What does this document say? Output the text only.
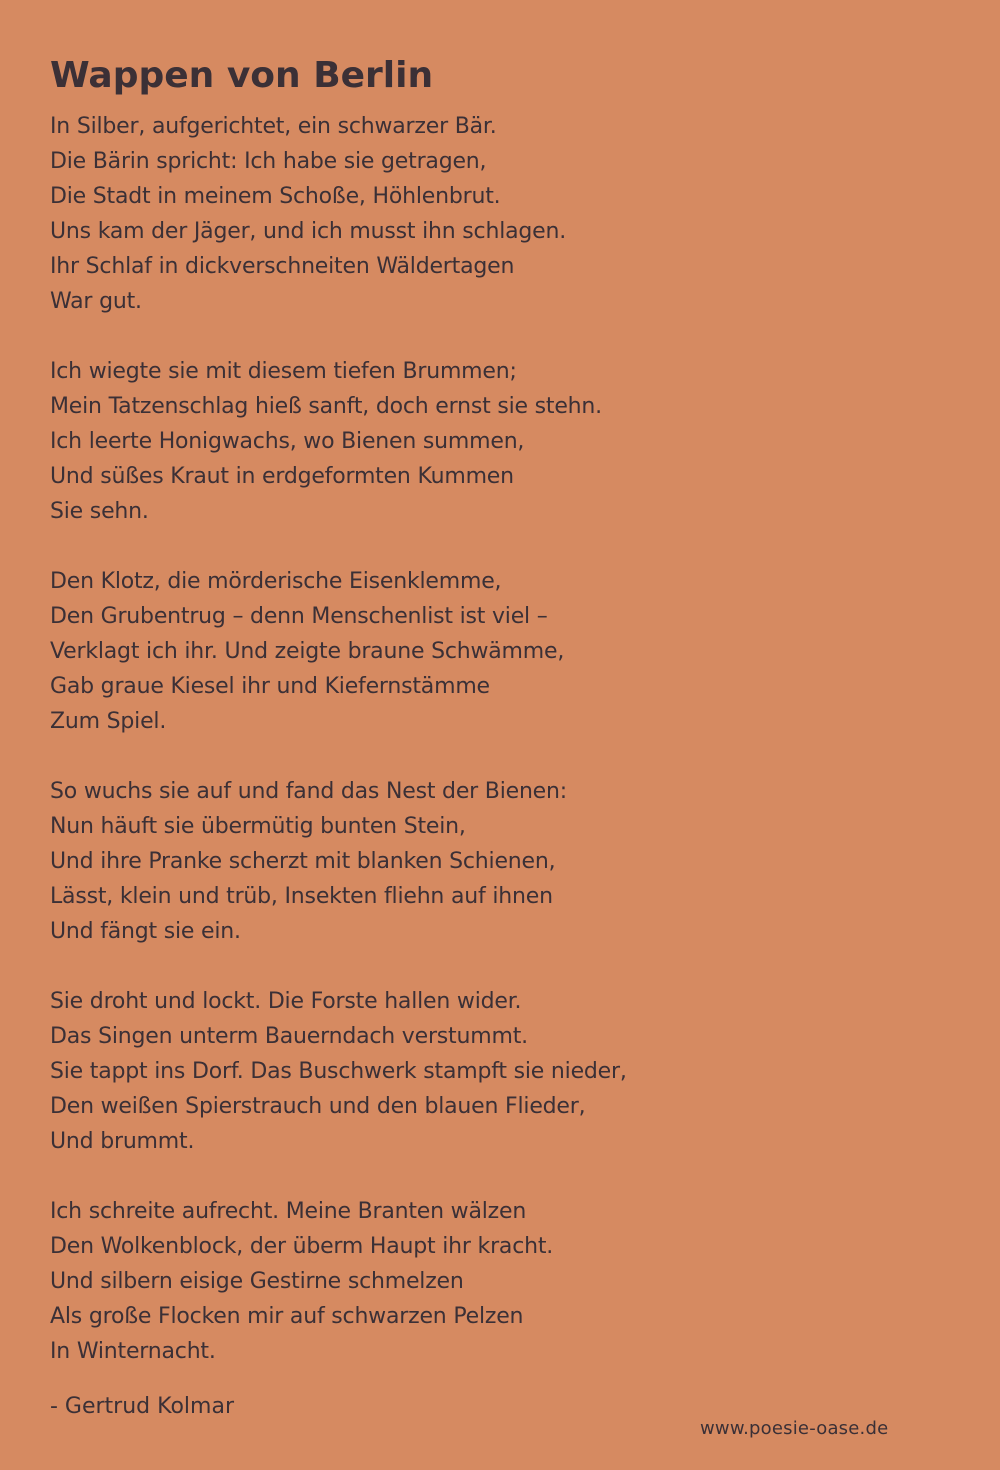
Wappen von Berlin
In Silber, aufgerichtet, ein schwarzer Bär.
Die Bärin spricht: Ich habe sie getragen,
Die Stadt in meinem Schoße, Höhlenbrut.
Uns kam der Jäger, und ich musst ihn schlagen.
Ihr Schlaf in dickverschneiten Wäldertagen
War gut.
Ich wiegte sie mit diesem tiefen Brummen;
Mein Tatzenschlag hieß sanft, doch ernst sie stehn.
Ich leerte Honigwachs, wo Bienen summen,
Und süßes Kraut in erdgeformten Kummen
Sie sehn.
Den Klotz, die mörderische Eisenklemme,
Den Grubentrug – denn Menschenlist ist viel –
Verklagt ich ihr. Und zeigte braune Schwämme,
Gab graue Kiesel ihr und Kiefernstämme
Zum Spiel.
So wuchs sie auf und fand das Nest der Bienen:
Nun häuft sie übermütig bunten Stein,
Und ihre Pranke scherzt mit blanken Schienen,
Lässt, klein und trüb, Insekten fliehn auf ihnen
Und fängt sie ein.
Sie droht und lockt. Die Forste hallen wider.
Das Singen unterm Bauerndach verstummt.
Sie tappt ins Dorf. Das Buschwerk stampft sie nieder,
Den weißen Spierstrauch und den blauen Flieder,
Und brummt.
Ich schreite aufrecht. Meine Branten wälzen
Den Wolkenblock, der überm Haupt ihr kracht.
Und silbern eisige Gestirne schmelzen
Als große Flocken mir auf schwarzen Pelzen
In Winternacht.
- Gertrud Kolmar
www.poesie-oase.de
